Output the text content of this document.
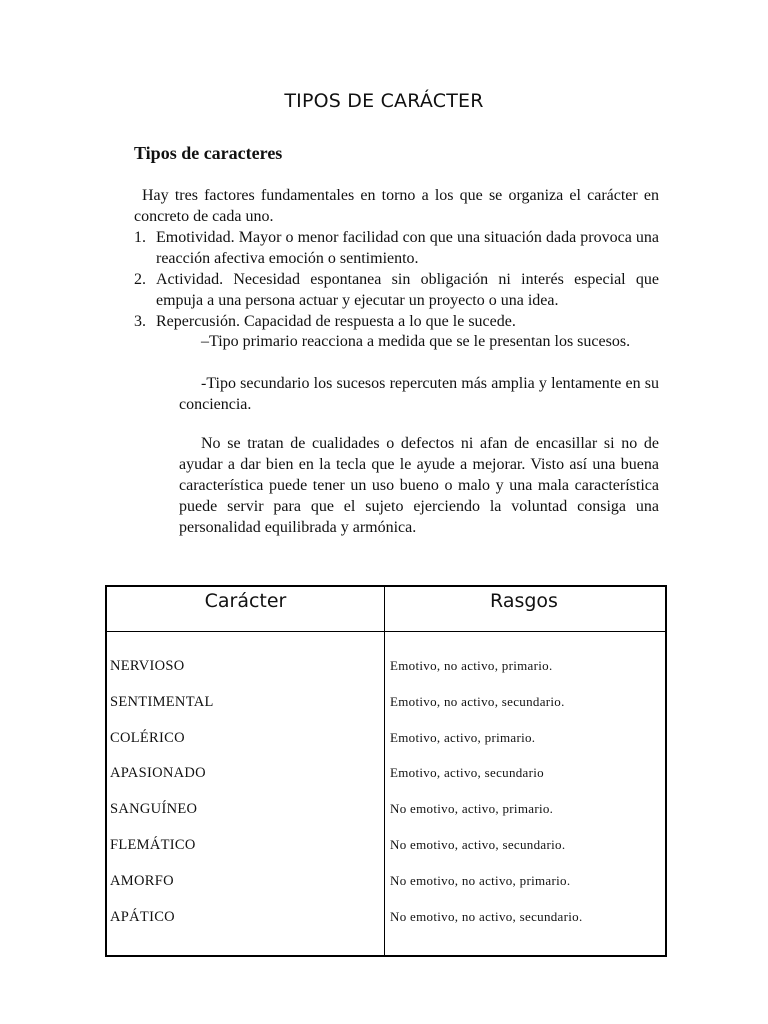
TIPOS DE CARÁCTER
Tipos de caracteres
Hay tres factores fundamentales en torno a los que se organiza el carácter en concreto de cada uno.
1. Emotividad. Mayor o menor facilidad con que una situación dada provoca una reacción afectiva emoción o sentimiento.
2. Actividad. Necesidad espontanea sin obligación ni interés especial que empuja a una persona actuar y ejecutar un proyecto o una idea.
3. Repercusión. Capacidad de respuesta a lo que le sucede.
–Tipo primario reacciona a medida que se le presentan los sucesos.
-Tipo secundario los sucesos repercuten más amplia y lentamente en su conciencia.
No se tratan de cualidades o defectos ni afan de encasillar si no de ayudar a dar bien en la tecla que le ayude a mejorar. Visto así una buena característica puede tener un uso bueno o malo y una mala característica puede servir para que el sujeto ejerciendo la voluntad consiga una personalidad equilibrada y armónica.
Carácter	Rasgos
NERVIOSO	Emotivo, no activo, primario.
SENTIMENTAL	Emotivo, no activo, secundario.
COLÉRICO	Emotivo, activo, primario.
APASIONADO	Emotivo, activo, secundario
SANGUÍNEO	No emotivo, activo, primario.
FLEMÁTICO	No emotivo, activo, secundario.
AMORFO	No emotivo, no activo, primario.
APÁTICO	No emotivo, no activo, secundario.
